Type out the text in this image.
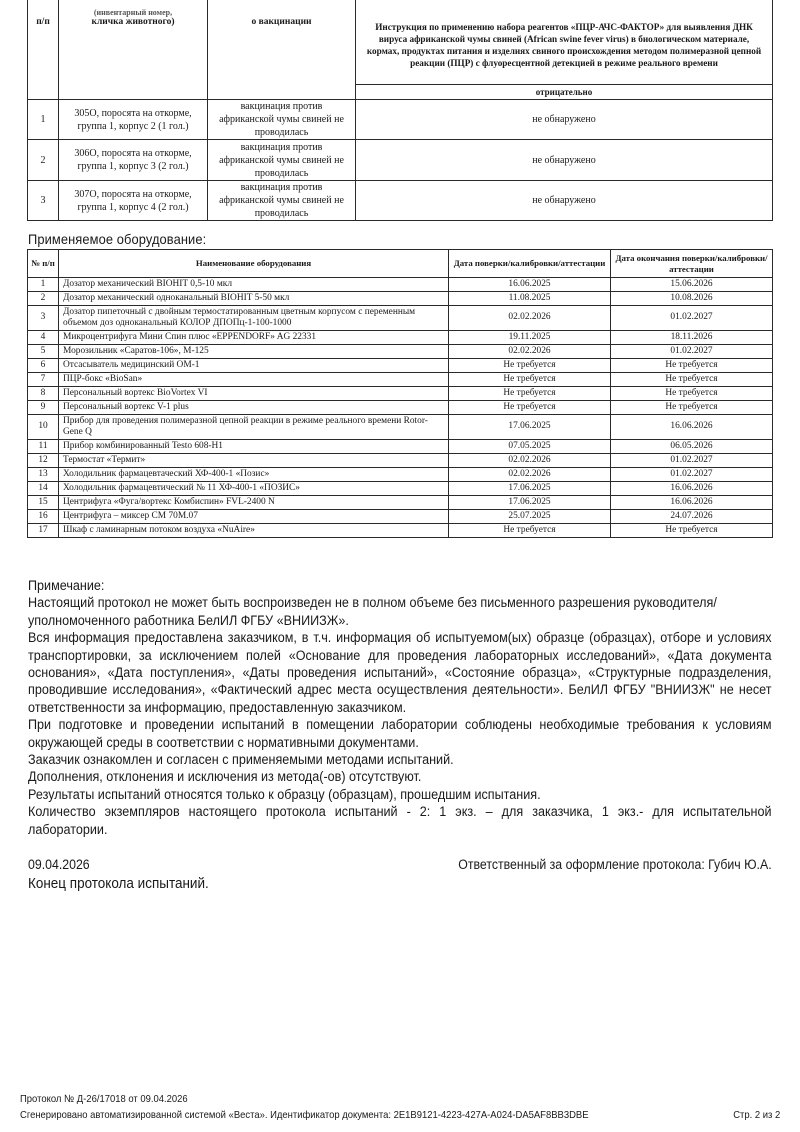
п/п	(инвентарный номер,
кличка животного)	о вакцинации	Инструкция по применению набора реагентов «ПЦР-АЧС-ФАКТОР» для выявления ДНК вируса африканской чумы свиней (African swine fever virus) в биологическом материале, кормах, продуктах питания и изделиях свиного происхождения методом полимеразной цепной реакции (ПЦР) с флуоресцентной детекцией в режиме реального времени
			отрицательно
1	305О, поросята на откорме, группа 1, корпус 2 (1 гол.)	вакцинация против африканской чумы свиней не проводилась	не обнаружено
2	306О, поросята на откорме, группа 1, корпус 3 (2 гол.)	вакцинация против африканской чумы свиней не проводилась	не обнаружено
3	307О, поросята на откорме, группа 1, корпус 4 (2 гол.)	вакцинация против африканской чумы свиней не проводилась	не обнаружено
Применяемое оборудование:
№ п/п	Наименование оборудования	Дата поверки/калибровки/аттестации	Дата окончания поверки/калибровки/аттестации
1	Дозатор механический BIOHIT 0,5-10 мкл	16.06.2025	15.06.2026
2	Дозатор механический одноканальный BIOHIT 5-50 мкл	11.08.2025	10.08.2026
3	Дозатор пипеточный с двойным термостатированным цветным корпусом с переменным объемом доз одноканальный КОЛОР ДПОПц-1-100-1000	02.02.2026	01.02.2027
4	Микроцентрифуга Мини Спин плюс «EPPENDORF» AG 22331	19.11.2025	18.11.2026
5	Морозильник «Саратов-106», М-125	02.02.2026	01.02.2027
6	Отсасыватель медицинский ОМ-1	Не требуется	Не требуется
7	ПЦР-бокс «BioSan»	Не требуется	Не требуется
8	Персональный вортекс BioVortex VI	Не требуется	Не требуется
9	Персональный вортекс V-1 plus	Не требуется	Не требуется
10	Прибор для проведения полимеразной цепной реакции в режиме реального времени Rotor-Gene Q	17.06.2025	16.06.2026
11	Прибор комбинированный Testo 608-H1	07.05.2025	06.05.2026
12	Термостат «Термит»	02.02.2026	01.02.2027
13	Холодильник фармацевтаческий ХФ-400-1 «Позис»	02.02.2026	01.02.2027
14	Холодильник фармацевтический № 11 ХФ-400-1 «ПОЗИС»	17.06.2025	16.06.2026
15	Центрифуга «Фуга/вортекс Комбиспин» FVL-2400 N	17.06.2025	16.06.2026
16	Центрифуга – миксер СМ 70М.07	25.07.2025	24.07.2026
17	Шкаф с ламинарным потоком воздуха «NuAire»	Не требуется	Не требуется

Примечание:

Настоящий протокол не может быть воспроизведен не в полном объеме без письменного разрешения руководителя/уполномоченного работника БелИЛ ФГБУ «ВНИИЗЖ».

Вся информация предоставлена заказчиком, в т.ч. информация об испытуемом(ых) образце (образцах), отборе и условиях транспортировки, за исключением полей «Основание для проведения лабораторных исследований», «Дата документа основания», «Дата поступления», «Даты проведения испытаний», «Состояние образца», «Структурные подразделения, проводившие исследования», «Фактический адрес места осуществления деятельности». БелИЛ ФГБУ "ВНИИЗЖ" не несет ответственности за информацию, предоставленную заказчиком.

При подготовке и проведении испытаний в помещении лаборатории соблюдены необходимые требования к условиям окружающей среды в соответствии с нормативными документами.

Заказчик ознакомлен и согласен с применяемыми методами испытаний.

Дополнения, отклонения и исключения из метода(-ов) отсутствуют.

Результаты испытаний относятся только к образцу (образцам), прошедшим испытания.

Количество экземпляров настоящего протокола испытаний - 2: 1 экз. – для заказчика, 1 экз.- для испытательной лаборатории.

09.04.2026	Ответственный за оформление протокола: Губич Ю.А.
Конец протокола испытаний.
Протокол № Д-26/17018 от 09.04.2026
Сгенерировано автоматизированной системой «Веста». Идентификатор документа: 2E1B9121-4223-427A-A024-DA5AF8BB3DBE	Стр. 2 из 2
